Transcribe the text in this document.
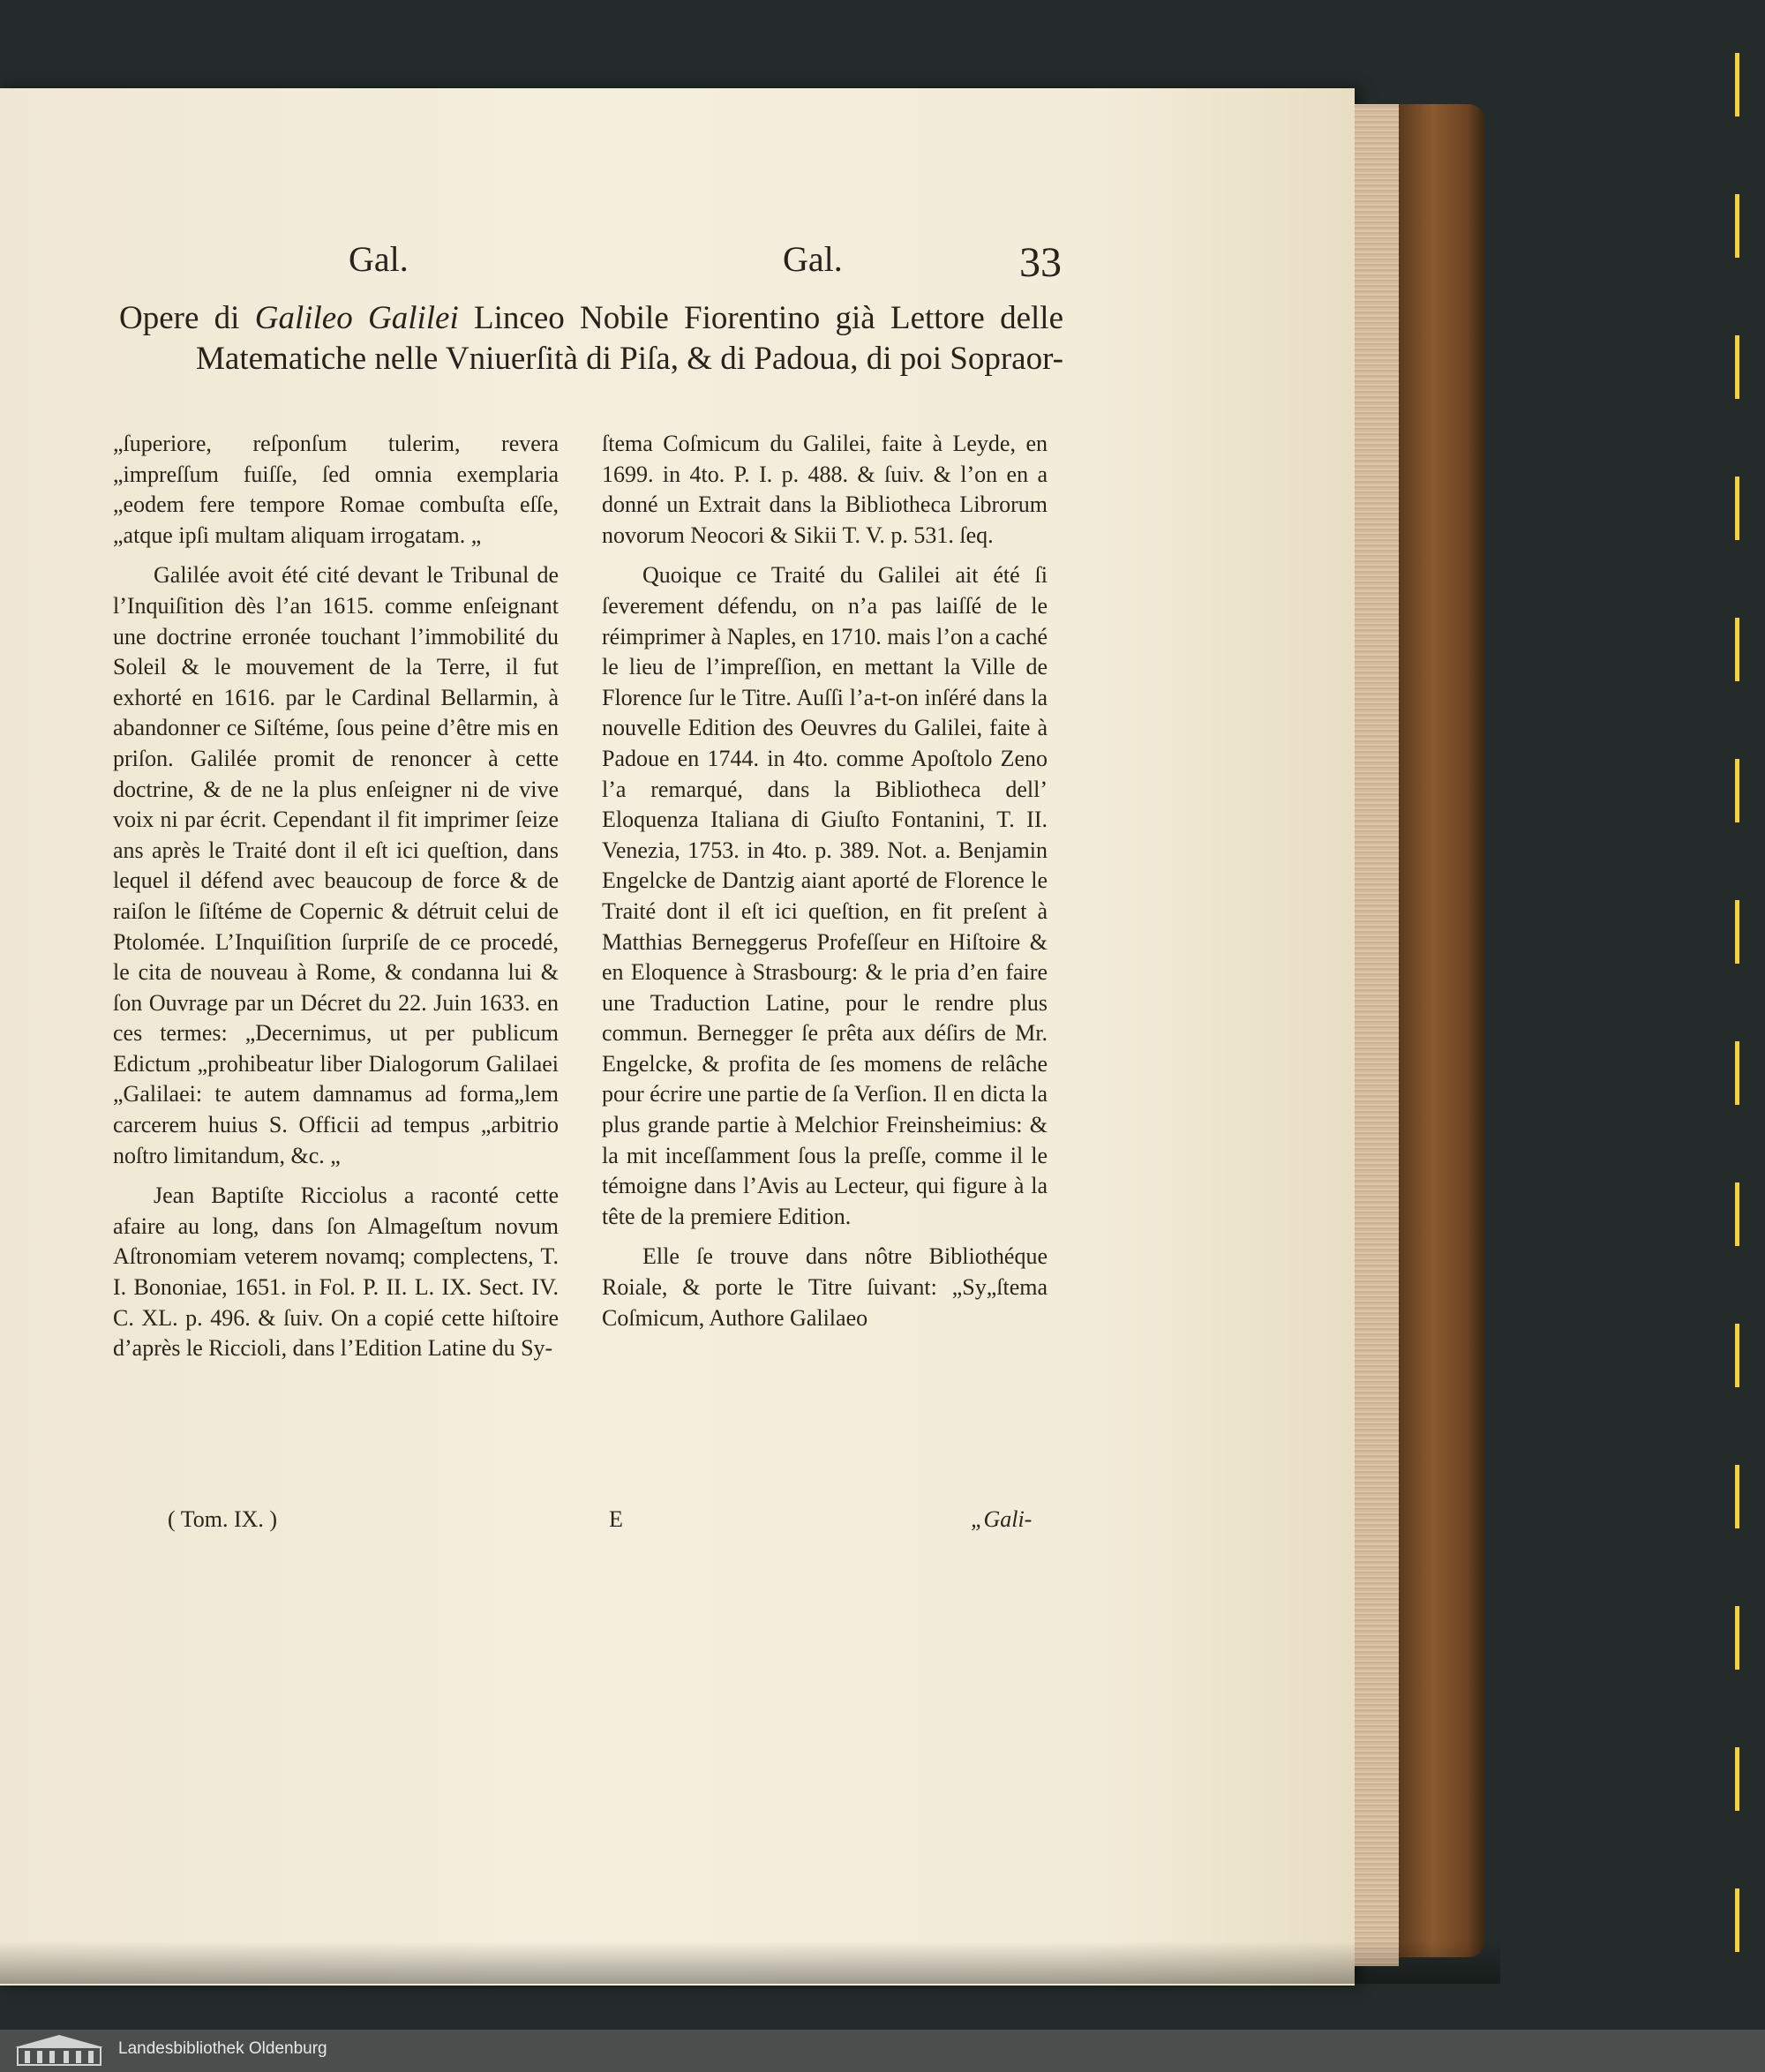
Gal.	Gal.	33
Opere di Galileo Galilei Linceo Nobile Fiorentino già Lettore delle Matematiche nelle Vniuerſità di Piſa, & di Padoua, di poi Sopraor-

„ſuperiore, reſponſum tulerim, revera „impreſſum fuiſſe, ſed omnia exemplaria „eodem fere tempore Romae combuſta eſſe, „atque ipſi multam aliquam irrogatam. „

Galilée avoit été cité devant le Tribunal de l’Inquiſition dès l’an 1615. comme enſeignant une doctrine erronée touchant l’immobilité du Soleil & le mouvement de la Terre, il fut exhorté en 1616. par le Cardinal Bellarmin, à abandonner ce Siſtéme, ſous peine d’être mis en priſon. Galilée promit de renoncer à cette doctrine, & de ne la plus enſeigner ni de vive voix ni par écrit. Cependant il fit imprimer ſeize ans après le Traité dont il eſt ici queſtion, dans lequel il défend avec beaucoup de force & de raiſon le ſiſtéme de Copernic & détruit celui de Ptolomée. L’Inquiſition ſurpriſe de ce procedé, le cita de nouveau à Rome, & condanna lui & ſon Ouvrage par un Décret du 22. Juin 1633. en ces termes: „Decernimus, ut per publicum Edictum „prohibeatur liber Dialogorum Galilaei „Galilaei: te autem damnamus ad forma„lem carcerem huius S. Officii ad tempus „arbitrio noſtro limitandum, &c. „

Jean Baptiſte Ricciolus a raconté cette afaire au long, dans ſon Almageſtum novum Aſtronomiam veterem novamq; complectens, T. I. Bononiae, 1651. in Fol. P. II. L. IX. Sect. IV. C. XL. p. 496. & ſuiv. On a copié cette hiſtoire d’après le Riccioli, dans l’Edition Latine du Sy-

ſtema Coſmicum du Galilei, faite à Leyde, en 1699. in 4to. P. I. p. 488. & ſuiv. & l’on en a donné un Extrait dans la Bibliotheca Librorum novorum Neocori & Sikii T. V. p. 531. ſeq.

Quoique ce Traité du Galilei ait été ſi ſeverement défendu, on n’a pas laiſſé de le réimprimer à Naples, en 1710. mais l’on a caché le lieu de l’impreſſion, en mettant la Ville de Florence ſur le Titre. Auſſi l’a-t-on inſéré dans la nouvelle Edition des Oeuvres du Galilei, faite à Padoue en 1744. in 4to. comme Apoſtolo Zeno l’a remarqué, dans la Bibliotheca dell’ Eloquenza Italiana di Giuſto Fontanini, T. II. Venezia, 1753. in 4to. p. 389. Not. a. Benjamin Engelcke de Dantzig aiant aporté de Florence le Traité dont il eſt ici queſtion, en fit preſent à Matthias Berneggerus Profeſſeur en Hiſtoire & en Eloquence à Strasbourg: & le pria d’en faire une Traduction Latine, pour le rendre plus commun. Bernegger ſe prêta aux déſirs de Mr. Engelcke, & profita de ſes momens de relâche pour écrire une partie de ſa Verſion. Il en dicta la plus grande partie à Melchior Freinsheimius: & la mit inceſſamment ſous la preſſe, comme il le témoigne dans l’Avis au Lecteur, qui figure à la tête de la premiere Edition.

Elle ſe trouve dans nôtre Bibliothéque Roiale, & porte le Titre ſuivant: „Sy„ſtema Coſmicum, Authore Galilaeo

( Tom. IX. )	E	„Gali-
Landesbibliothek Oldenburg
